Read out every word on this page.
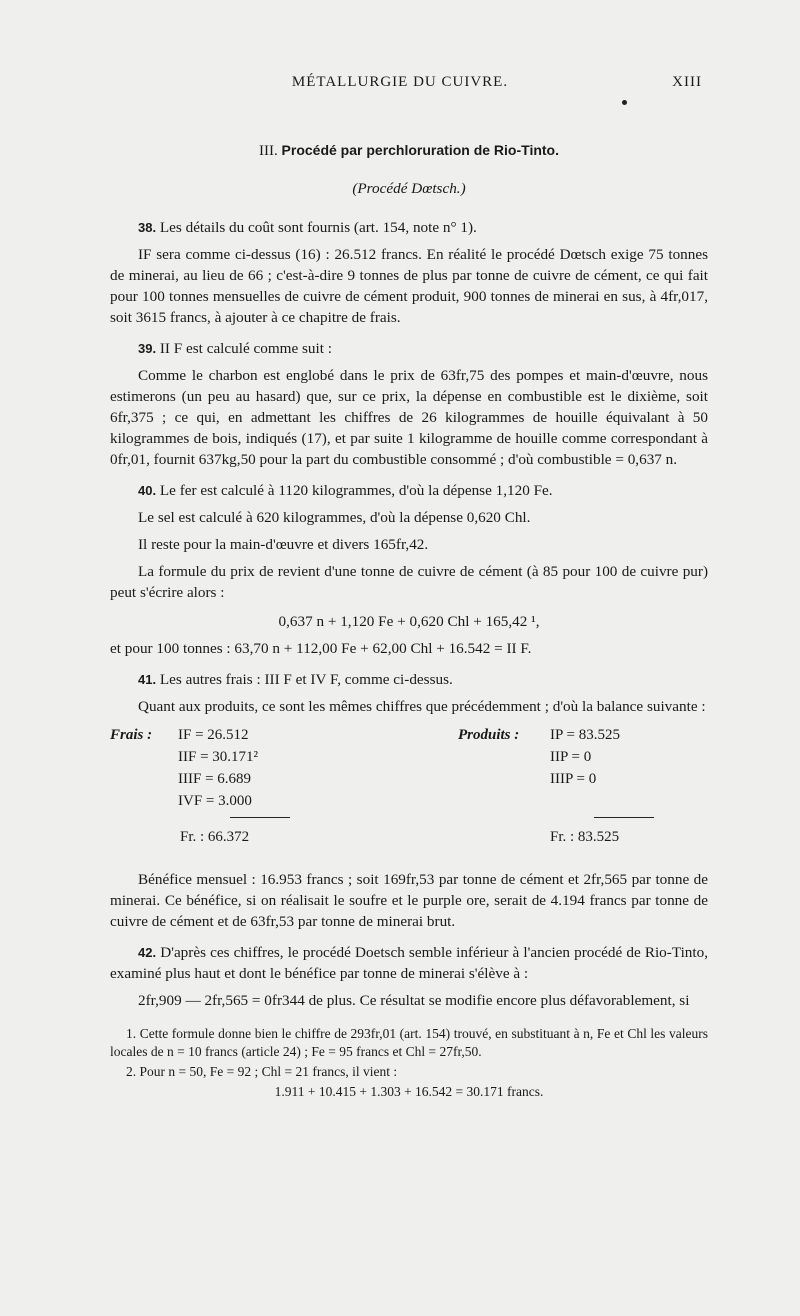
MÉTALLURGIE DU CUIVRE.	XIII
III. Procédé par perchloruration de Rio-Tinto.
(Procédé Dœtsch.)

38. Les détails du coût sont fournis (art. 154, note n° 1).

IF sera comme ci-dessus (16) : 26.512 francs. En réalité le procédé Dœtsch exige 75 tonnes de minerai, au lieu de 66 ; c'est-à-dire 9 tonnes de plus par tonne de cuivre de cément, ce qui fait pour 100 tonnes mensuelles de cuivre de cément produit, 900 tonnes de minerai en sus, à 4fr,017, soit 3615 francs, à ajouter à ce chapitre de frais.

39. II F est calculé comme suit :

Comme le charbon est englobé dans le prix de 63fr,75 des pompes et main-d'œuvre, nous estimerons (un peu au hasard) que, sur ce prix, la dépense en combustible est le dixième, soit 6fr,375 ; ce qui, en admettant les chiffres de 26 kilogrammes de houille équivalant à 50 kilogrammes de bois, indiqués (17), et par suite 1 kilogramme de houille comme correspondant à 0fr,01, fournit 637kg,50 pour la part du combustible consommé ; d'où combustible = 0,637 n.

40. Le fer est calculé à 1120 kilogrammes, d'où la dépense 1,120 Fe.

Le sel est calculé à 620 kilogrammes, d'où la dépense 0,620 Chl.

Il reste pour la main-d'œuvre et divers 165fr,42.

La formule du prix de revient d'une tonne de cuivre de cément (à 85 pour 100 de cuivre pur) peut s'écrire alors :

0,637 n + 1,120 Fe + 0,620 Chl + 165,42 ¹,

et pour 100 tonnes : 63,70 n + 112,00 Fe + 62,00 Chl + 16.542 = II F.

41. Les autres frais : III F et IV F, comme ci-dessus.

Quant aux produits, ce sont les mêmes chiffres que précédemment ; d'où la balance suivante :

Frais : IF = 26.512
IIF = 30.171²
IIIF = 6.689
IVF = 3.000
Fr. : 66.372
Produits : IP = 83.525
IIP = 0
IIIP = 0
Fr. : 83.525

Bénéfice mensuel : 16.953 francs ; soit 169fr,53 par tonne de cément et 2fr,565 par tonne de minerai. Ce bénéfice, si on réalisait le soufre et le purple ore, serait de 4.194 francs par tonne de cuivre de cément et de 63fr,53 par tonne de minerai brut.

42. D'après ces chiffres, le procédé Doetsch semble inférieur à l'ancien procédé de Rio-Tinto, examiné plus haut et dont le bénéfice par tonne de minerai s'élève à :

2fr,909 — 2fr,565 = 0fr344 de plus. Ce résultat se modifie encore plus défavorablement, si

1. Cette formule donne bien le chiffre de 293fr,01 (art. 154) trouvé, en substituant à n, Fe et Chl les valeurs locales de n = 10 francs (article 24) ; Fe = 95 francs et Chl = 27fr,50.

2. Pour n = 50, Fe = 92 ; Chl = 21 francs, il vient :

1.911 + 10.415 + 1.303 + 16.542 = 30.171 francs.
